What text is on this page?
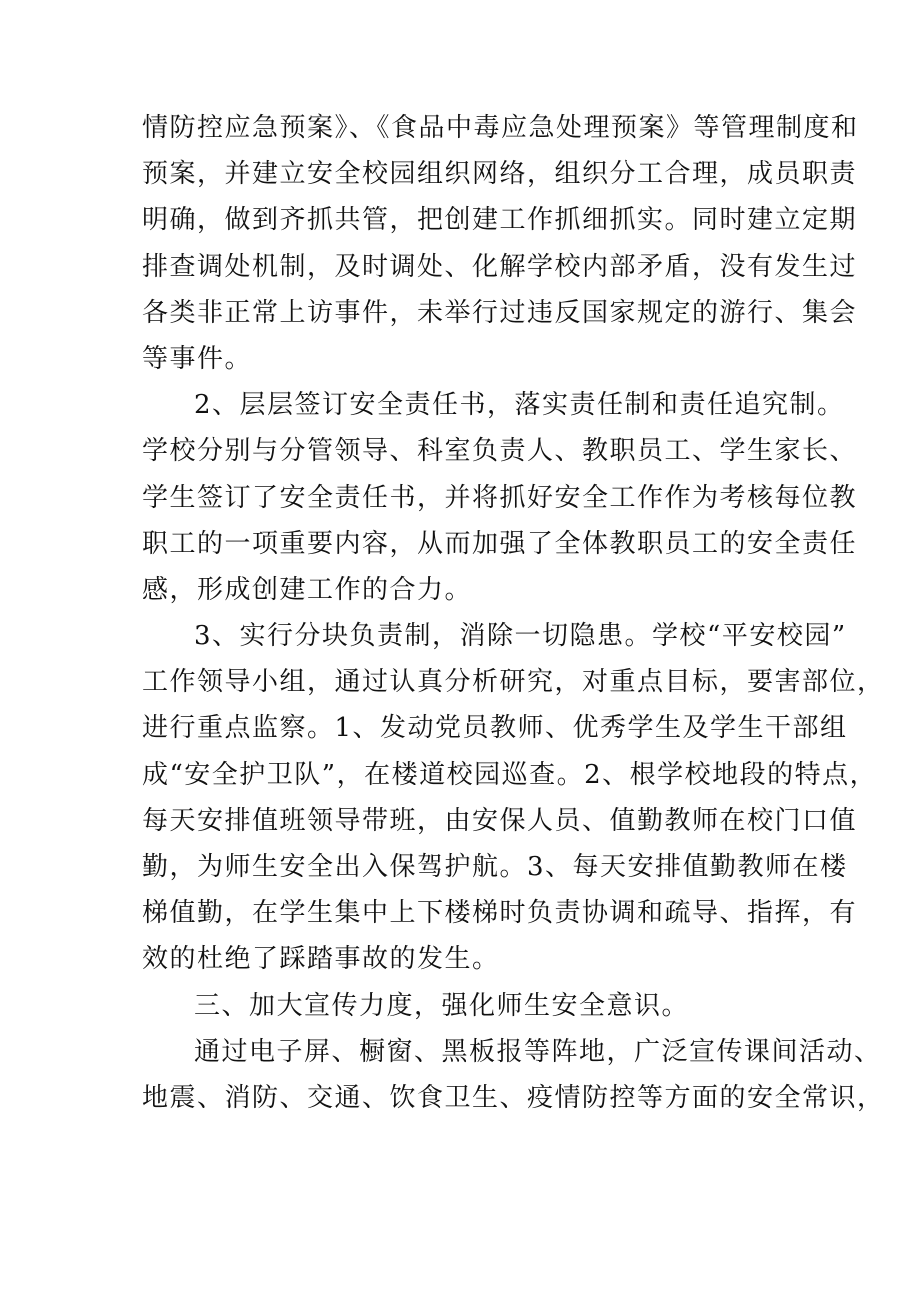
情防控应急预案》、《食品中毒应急处理预案》等管理制度和
预案，并建立安全校园组织网络，组织分工合理，成员职责
明确，做到齐抓共管，把创建工作抓细抓实。同时建立定期
排查调处机制，及时调处、化解学校内部矛盾，没有发生过
各类非正常上访事件，未举行过违反国家规定的游行、集会
等事件。
2、层层签订安全责任书，落实责任制和责任追究制。
学校分别与分管领导、科室负责人、教职员工、学生家长、
学生签订了安全责任书，并将抓好安全工作作为考核每位教
职工的一项重要内容，从而加强了全体教职员工的安全责任
感，形成创建工作的合力。
3、实行分块负责制，消除一切隐患。学校“平安校园”
工作领导小组，通过认真分析研究，对重点目标，要害部位，
进行重点监察。1、发动党员教师、优秀学生及学生干部组
成“安全护卫队”，在楼道校园巡查。2、根学校地段的特点，
每天安排值班领导带班，由安保人员、值勤教师在校门口值
勤，为师生安全出入保驾护航。3、每天安排值勤教师在楼
梯值勤，在学生集中上下楼梯时负责协调和疏导、指挥，有
效的杜绝了踩踏事故的发生。
三、加大宣传力度，强化师生安全意识。
通过电子屏、橱窗、黑板报等阵地，广泛宣传课间活动、
地震、消防、交通、饮食卫生、疫情防控等方面的安全常识，
